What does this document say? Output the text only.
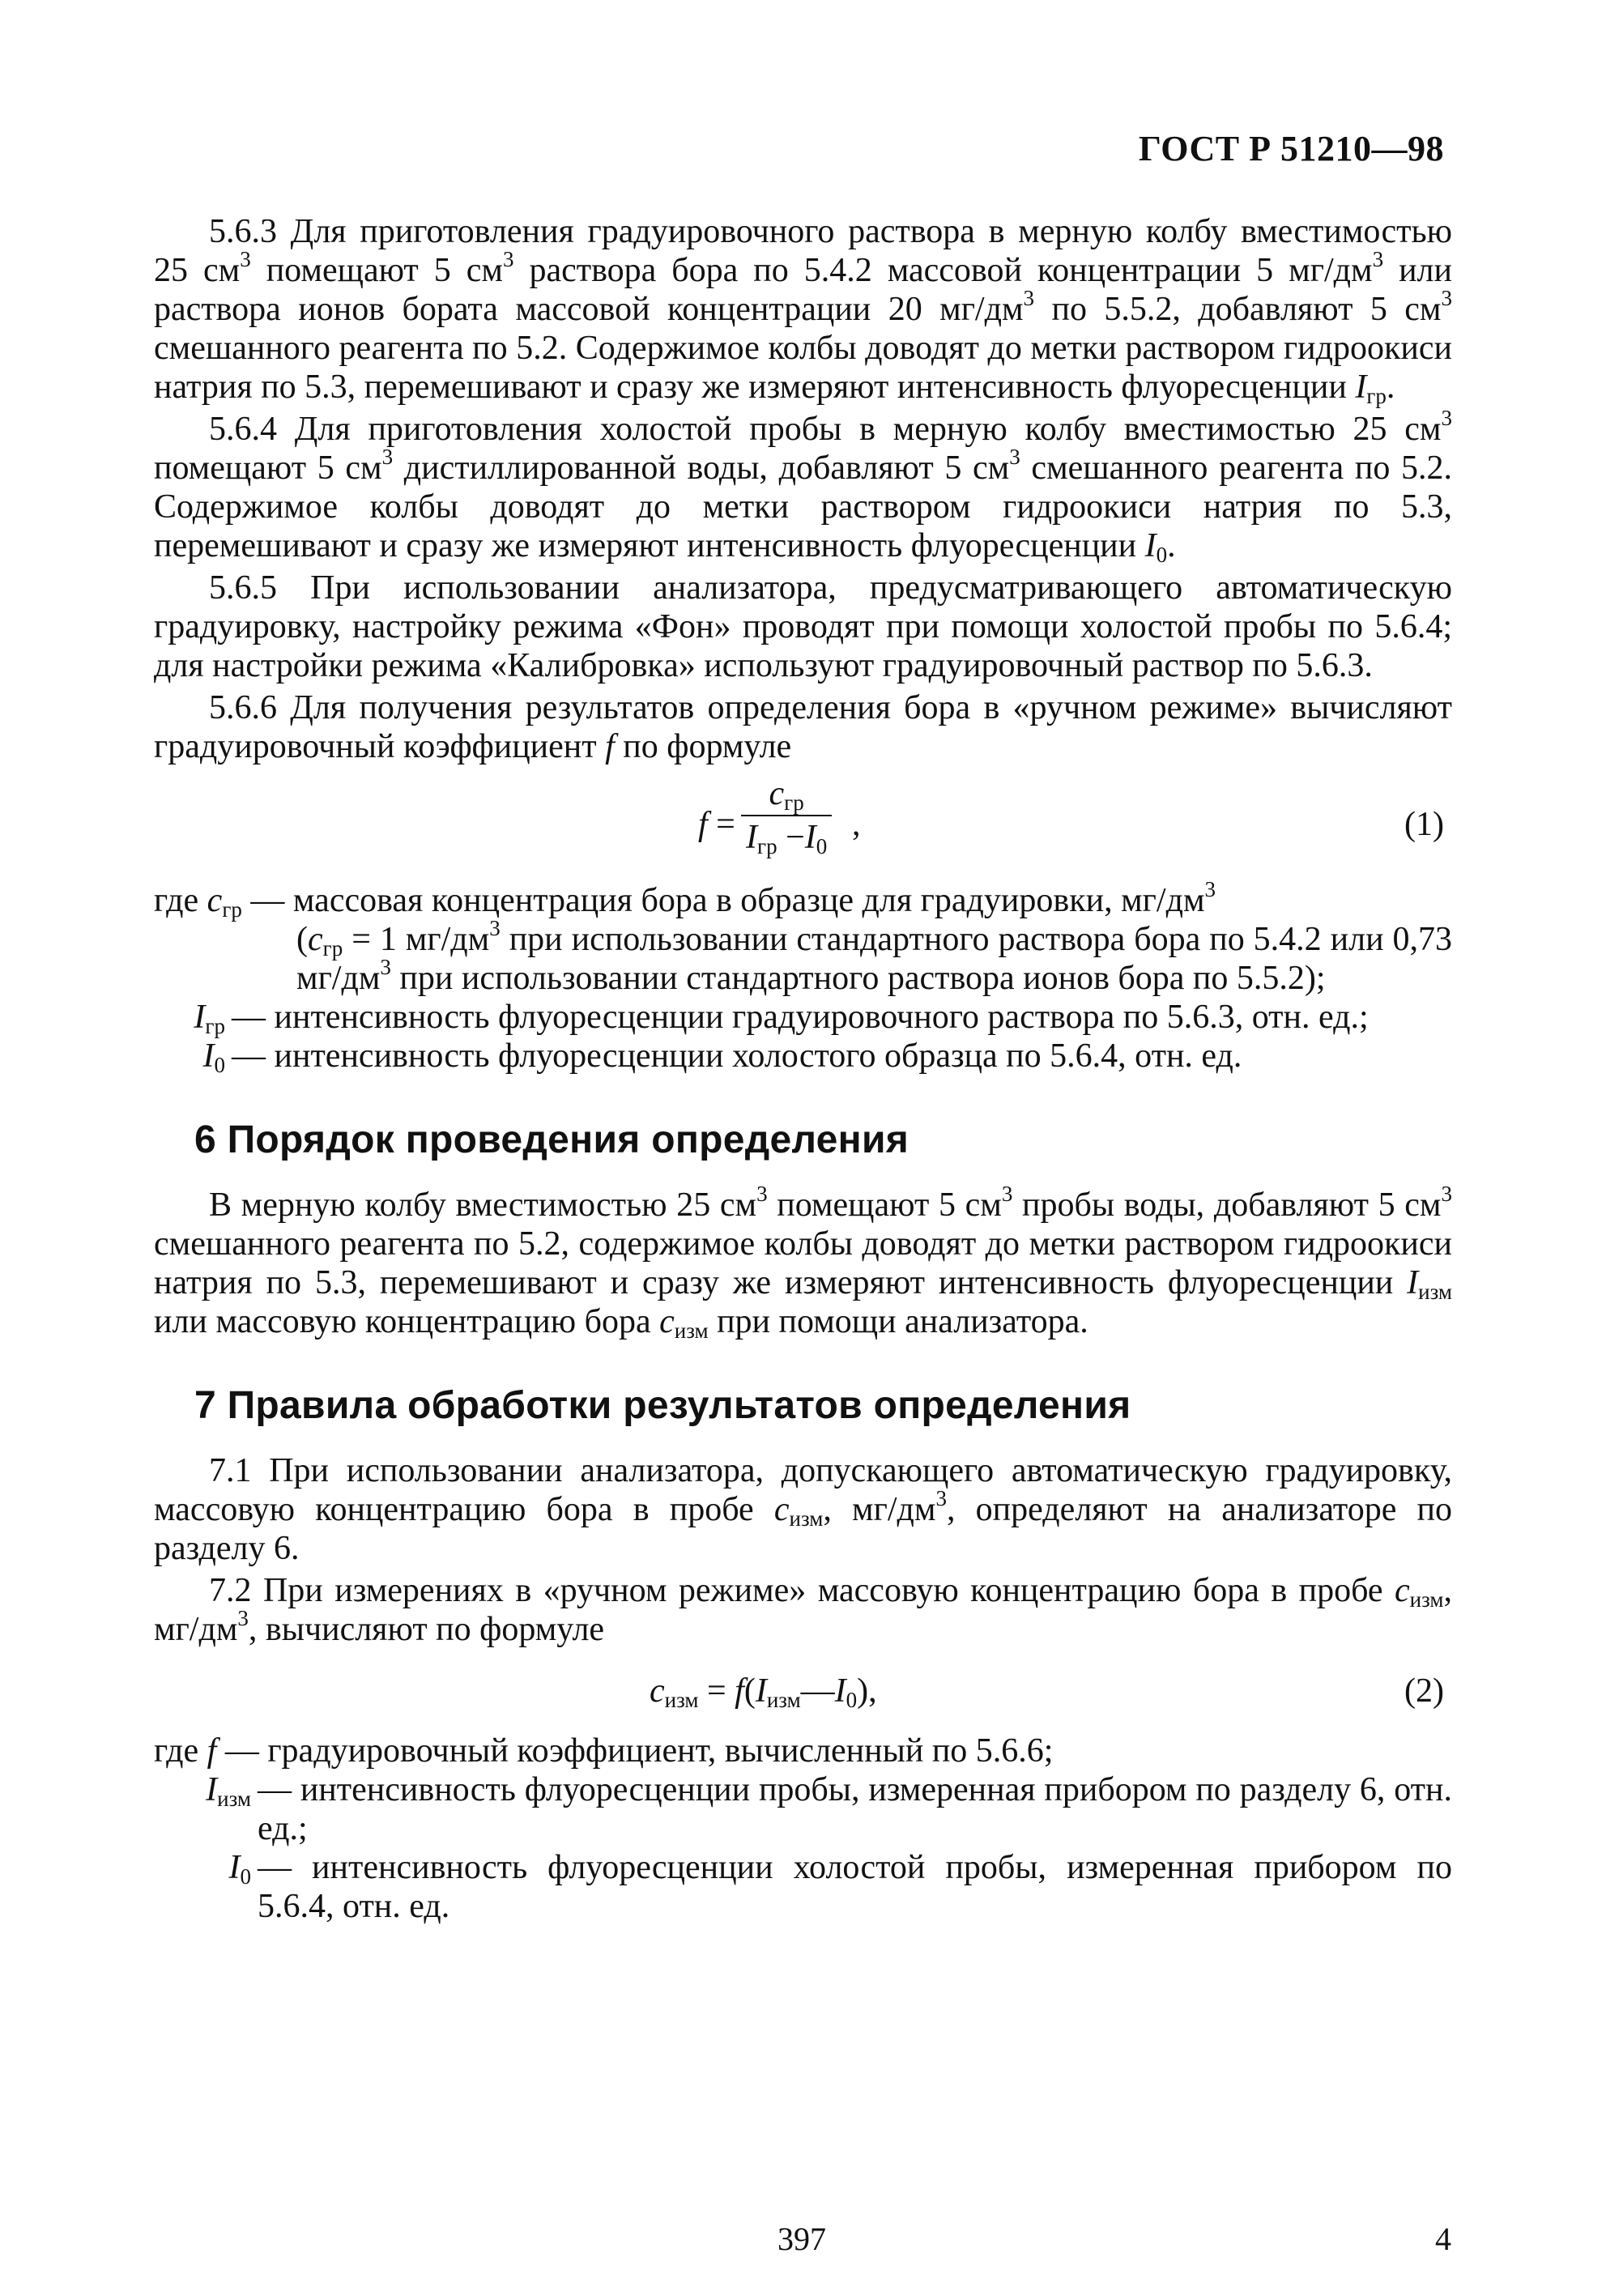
ГОСТ Р 51210—98

5.6.3 Для приготовления градуировочного раствора в мерную колбу вместимостью 25 $см^3$ помещают 5 $см^3$ раствора бора по 5.4.2 массовой концентрации 5 $мг/дм^3$ или раствора ионов бората массовой концентрации 20 $мг/дм^3$ по 5.5.2, добавляют 5 $см^3$ смешанного реагента по 5.2. Содержимое колбы доводят до метки раствором гидроокиси натрия по 5.3, перемешивают и сразу же измеряют интенсивность флуоресценции $I_{гр}$.

5.6.4 Для приготовления холостой пробы в мерную колбу вместимостью 25 $см^3$ помещают 5 $см^3$ дистиллированной воды, добавляют 5 $см^3$ смешанного реагента по 5.2. Содержимое колбы доводят до метки раствором гидроокиси натрия по 5.3, перемешивают и сразу же измеряют интенсивность флуоресценции $I_0$.

5.6.5 При использовании анализатора, предусматривающего автоматическую градуировку, настройку режима «Фон» проводят при помощи холостой пробы по 5.6.4; для настройки режима «Калибровка» используют градуировочный раствор по 5.6.3.

5.6.6 Для получения результатов определения бора в «ручном режиме» вычисляют градуировочный коэффициент f по формуле

f =
$c_{гр}$
$I_{гр} -I_0$
,	(1)
где $c_{гр}$ — массовая концентрация бора в образце для градуировки, $мг/дм^3$
($c_{гр} = 1$ $мг/дм^3$ при использовании стандартного раствора бора по 5.4.2 или 0,73 $мг/дм^3$ при использовании стандартного раствора ионов бора по 5.5.2);
$I_{гр}$ — интенсивность флуоресценции градуировочного раствора по 5.6.3, отн. ед.;
$I_0$ — интенсивность флуоресценции холостого образца по 5.6.4, отн. ед.
6 Порядок проведения определения

В мерную колбу вместимостью 25 $см^3$ помещают 5 $см^3$ пробы воды, добавляют 5 $см^3$ смешанного реагента по 5.2, содержимое колбы доводят до метки раствором гидроокиси натрия по 5.3, перемешивают и сразу же измеряют интенсивность флуоресценции $I_{изм}$ или массовую концентрацию бора $c_{изм}$ при помощи анализатора.

7 Правила обработки результатов определения

7.1 При использовании анализатора, допускающего автоматическую градуировку, массовую концентрацию бора в пробе $c_{изм}$, $мг/дм^3$, определяют на анализаторе по разделу 6.

7.2 При измерениях в «ручном режиме» массовую концентрацию бора в пробе $c_{изм}$, $мг/дм^3$, вычисляют по формуле

$c_{изм}$ = $f(I_{изм}—I_0)$,	(2)
где f — градуировочный коэффициент, вычисленный по 5.6.6;
$I_{изм}$ — интенсивность флуоресценции пробы, измеренная прибором по разделу 6, отн. ед.;
$I_0$ — интенсивность флуоресценции холостой пробы, измеренная прибором по 5.6.4, отн. ед.
397	4
